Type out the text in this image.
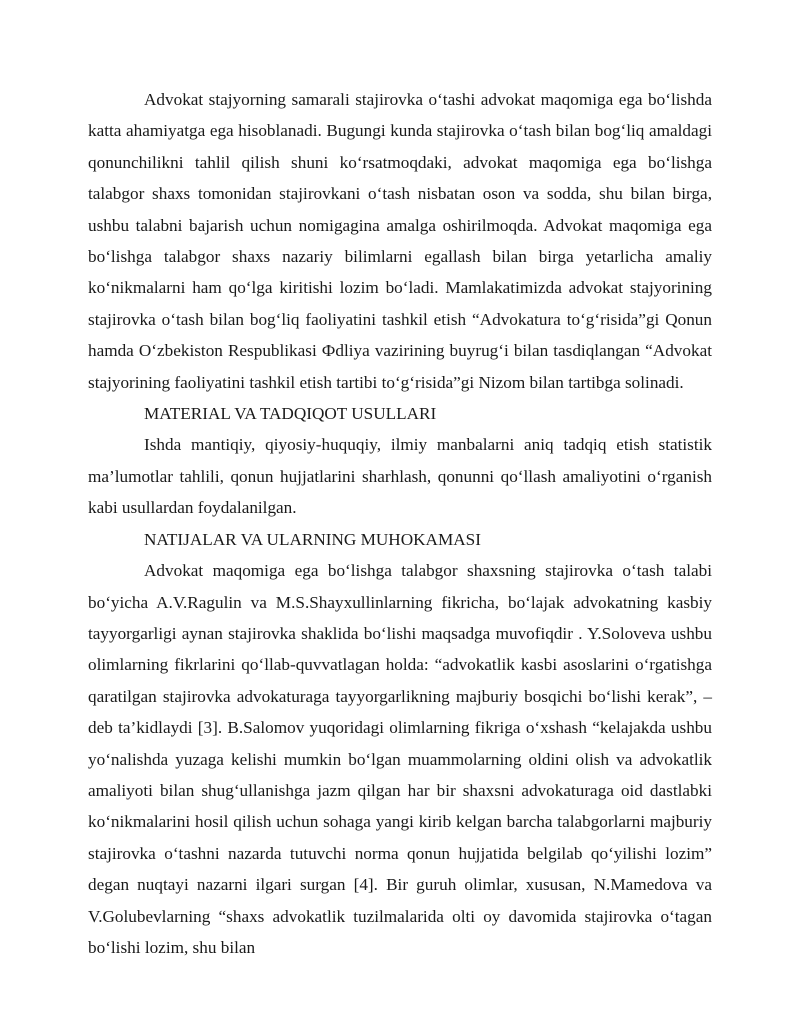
Advokat stajyorning samarali stajirovka o‘tashi advokat maqomiga ega bo‘lishda katta ahamiyatga ega hisoblanadi. Bugungi kunda stajirovka o‘tash bilan bog‘liq amaldagi qonunchilikni tahlil qilish shuni ko‘rsatmoqdaki, advokat maqomiga ega bo‘lishga talabgor shaxs tomonidan stajirovkani o‘tash nisbatan oson va sodda, shu bilan birga, ushbu talabni bajarish uchun nomigagina amalga oshirilmoqda. Advokat maqomiga ega bo‘lishga talabgor shaxs nazariy bilimlarni egallash bilan birga yetarlicha amaliy ko‘nikmalarni ham qo‘lga kiritishi lozim bo‘ladi. Mamlakatimizda advokat stajyorining stajirovka o‘tash bilan bog‘liq faoliyatini tashkil etish “Advokatura to‘g‘risida”gi Qonun hamda O‘zbekiston Respublikasi Фdliya vazirining buyrug‘i bilan tasdiqlangan “Advokat stajyorining faoliyatini tashkil etish tartibi to‘g‘risida”gi Nizom bilan tartibga solinadi.

MATERIAL VA TADQIQOT USULLARI

Ishda mantiqiy, qiyosiy-huquqiy, ilmiy manbalarni aniq tadqiq etish statistik ma’lumotlar tahlili, qonun hujjatlarini sharhlash, qonunni qo‘llash amaliyotini o‘rganish kabi usullardan foydalanilgan.

NATIJALAR VA ULARNING MUHOKAMASI

Advokat maqomiga ega bo‘lishga talabgor shaxsning stajirovka o‘tash talabi bo‘yicha A.V.Ragulin va M.S.Shayxullinlarning fikricha, bo‘lajak advokatning kasbiy tayyorgarligi aynan stajirovka shaklida bo‘lishi maqsadga muvofiqdir . Y.Soloveva ushbu olimlarning fikrlarini qo‘llab-quvvatlagan holda: “advokatlik kasbi asoslarini o‘rgatishga qaratilgan stajirovka advokaturaga tayyorgarlikning majburiy bosqichi bo‘lishi kerak”, – deb ta’kidlaydi [3]. B.Salomov yuqoridagi olimlarning fikriga o‘xshash “kelajakda ushbu yo‘nalishda yuzaga kelishi mumkin bo‘lgan muammolarning oldini olish va advokatlik amaliyoti bilan shug‘ullanishga jazm qilgan har bir shaxsni advokaturaga oid dastlabki ko‘nikmalarini hosil qilish uchun sohaga yangi kirib kelgan barcha talabgorlarni majburiy stajirovka o‘tashni nazarda tutuvchi norma qonun hujjatida belgilab qo‘yilishi lozim” degan nuqtayi nazarni ilgari surgan [4]. Bir guruh olimlar, xususan, N.Mamedova va V.Golubevlarning “shaxs advokatlik tuzilmalarida olti oy davomida stajirovka o‘tagan bo‘lishi lozim, shu bilan
